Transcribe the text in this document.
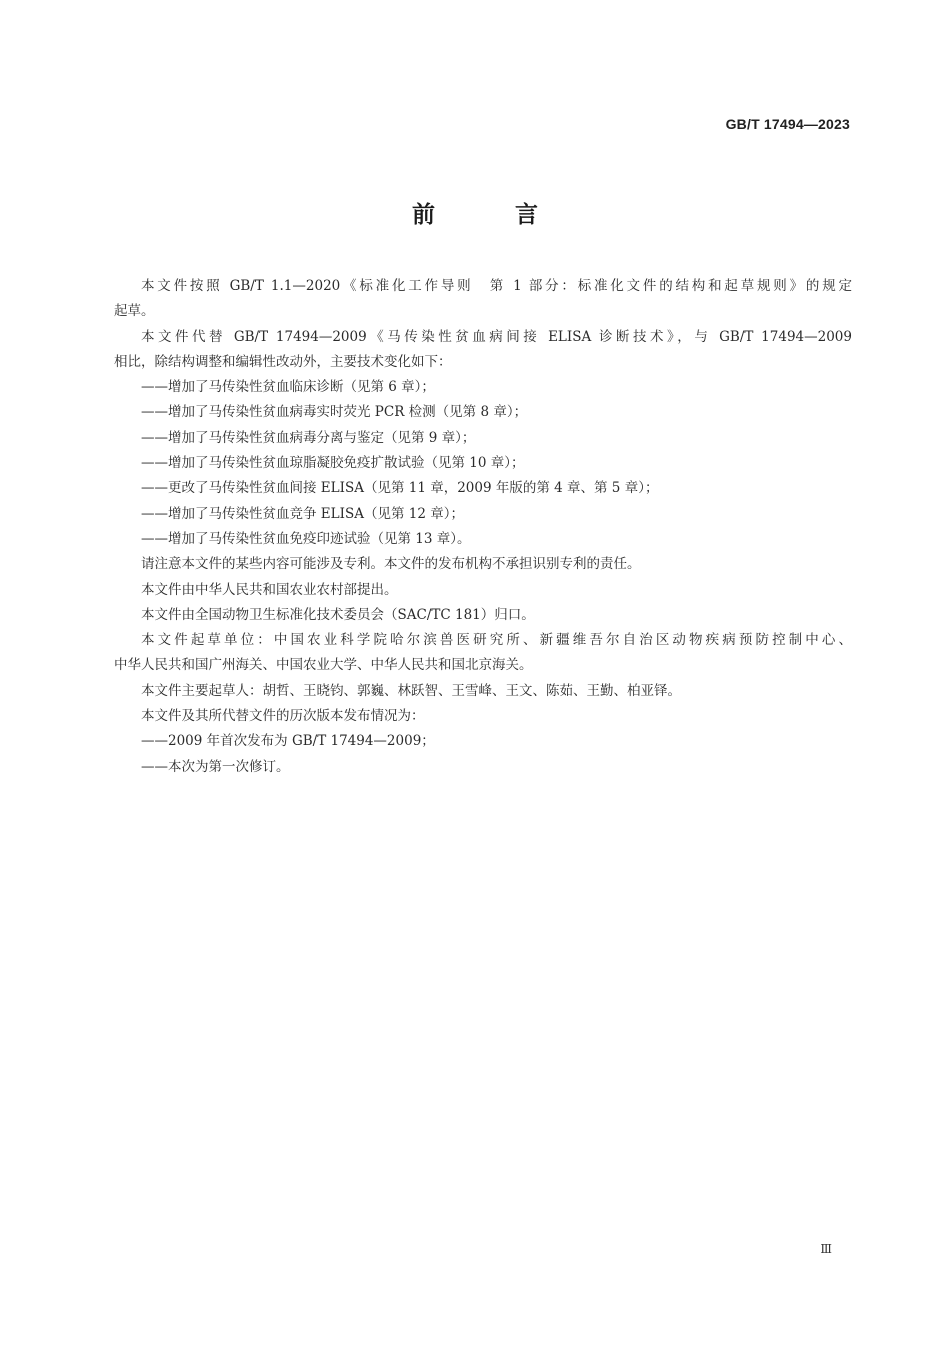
GB/T 17494—2023
前 言

本文件按照 GB/T 1.1—2020《标准化工作导则　第 1 部分：标准化文件的结构和起草规则》的规定

起草。

本文件代替 GB/T 17494—2009《马传染性贫血病间接 ELISA 诊断技术》，与 GB/T 17494—2009

相比，除结构调整和编辑性改动外，主要技术变化如下：

——增加了马传染性贫血临床诊断（见第 6 章）；

——增加了马传染性贫血病毒实时荧光 PCR 检测（见第 8 章）；

——增加了马传染性贫血病毒分离与鉴定（见第 9 章）；

——增加了马传染性贫血琼脂凝胶免疫扩散试验（见第 10 章）；

——更改了马传染性贫血间接 ELISA（见第 11 章，2009 年版的第 4 章、第 5 章）；

——增加了马传染性贫血竞争 ELISA（见第 12 章）；

——增加了马传染性贫血免疫印迹试验（见第 13 章）。

请注意本文件的某些内容可能涉及专利。本文件的发布机构不承担识别专利的责任。

本文件由中华人民共和国农业农村部提出。

本文件由全国动物卫生标准化技术委员会（SAC/TC 181）归口。

本文件起草单位：中国农业科学院哈尔滨兽医研究所、新疆维吾尔自治区动物疾病预防控制中心、

中华人民共和国广州海关、中国农业大学、中华人民共和国北京海关。

本文件主要起草人：胡哲、王晓钧、郭巍、林跃智、王雪峰、王文、陈茹、王勤、柏亚铎。

本文件及其所代替文件的历次版本发布情况为：

——2009 年首次发布为 GB/T 17494—2009；

——本次为第一次修订。

Ⅲ
